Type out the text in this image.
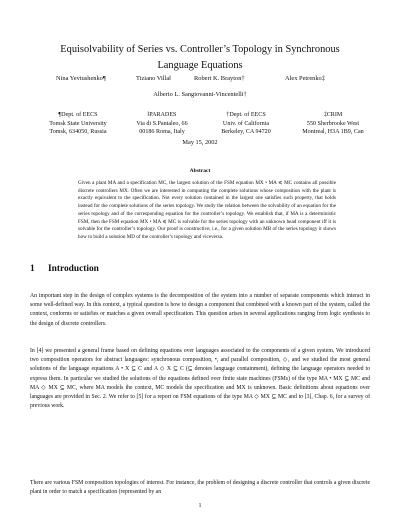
Equisolvability of Series vs. Controller’s Topology in Synchronous Language Equations
Nina Yevtushenko¶	Tiziano Villa‖	Robert K. Brayton†	Alex Petrenko‡
Alberto L. Sangiovanni-Vincentelli†
¶Dept. of EECS
Tomsk State University
Tomsk, 634050, Russia
‖PARADES
Via di S.Pantaleo, 66
00186 Roma, Italy
†Dept. of EECS
Univ. of California
Berkeley, CA 94720
‡CRIM
550 Sherbrooke West
Montreal, H3A 1B9, Can
May 15, 2002
Abstract
Given a plant MA and a specification MC, the largest solution of the FSM equation MX • MA ≼ MC contains all possible discrete controllers MX. Often we are interested in computing the complete solutions whose composition with the plant is exactly equivalent to the specification. Not every solution contained in the largest one satisfies such property, that holds instead for the complete solutions of the series topology. We study the relation between the solvability of an equation for the series topology and of the corresponding equation for the controller’s topology. We establish that, if MA is a deterministic FSM, then the FSM equation MX • MA ≼ MC is solvable for the series topology with an unknown head component iff it is solvable for the controller’s topology. Our proof is constructive, i.e., for a given solution MB of the series topology it shows how to build a solution MD of the controller’s topology and viceversa.
1 Introduction
An important step in the design of complex systems is the decomposition of the system into a number of separate components which interact in some well-defined way. In this context, a typical question is how to design a component that combined with a known part of the system, called the context, conforms or satisfies or matches a given overall specification. This question arises in several applications ranging from logic synthesis to the design of discrete controllers.
In [4] we presented a general frame based on defining equations over languages associated to the components of a given system. We introduced two composition operators for abstract languages: synchronous composition, •, and parallel composition, ◇, and we studied the most general solutions of the language equations A • X ⊆ C and A ◇ X ⊆ C (⊆ denotes language containment), defining the language operators needed to express them. In particular we studied the solutions of the equations defined over finite state machines (FSMs) of the type MA • MX ⊆ MC and MA ◇ MX ⊆ MC, where MA models the context, MC models the specification and MX is unknown. Basic definitions about equations over languages are provided in Sec. 2. We refer to [5] for a report on FSM equations of the type MA ◇ MX ⊆ MC and to [3], Chap. 6, for a survey of previous work.
There are various FSM composition topologies of interest. For instance, the problem of designing a discrete controller that controls a given discrete plant in order to match a specification (represented by an
1
